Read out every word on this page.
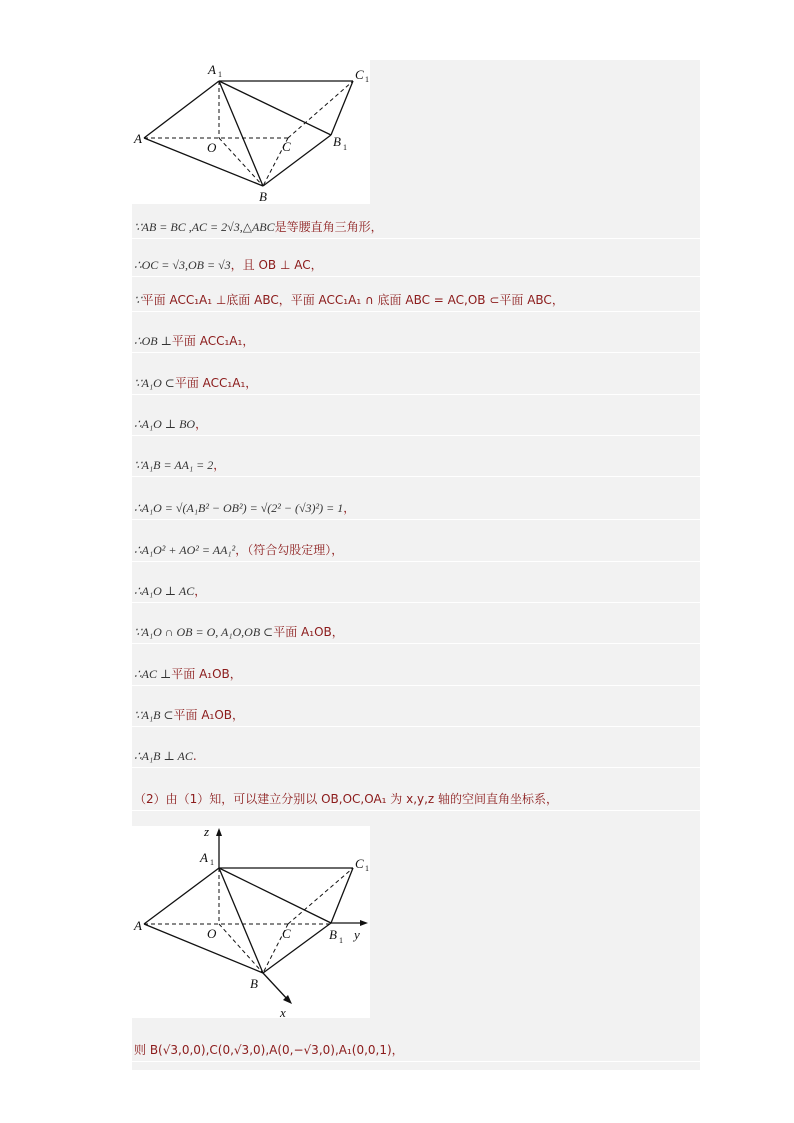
A 1	C 1
A
O	C	B 1
B
∵AB = BC ,AC = 2√3,△ABC是等腰直角三角形，
∴OC = √3,OB = √3，且 OB ⊥ AC，
∵平面 ACC₁A₁ ⊥底面 ABC，平面 ACC₁A₁ ∩ 底面 ABC = AC,OB ⊂平面 ABC，
∴OB ⊥平面 ACC₁A₁，
∵A₁O ⊂平面 ACC₁A₁，
∴A₁O ⊥ BO，
∵A₁B = AA₁ = 2，
∴A₁O = √(A₁B² − OB²) = √(2² − (√3)²) = 1，
∴A₁O² + AO² = AA₁²，（符合勾股定理），
∴A₁O ⊥ AC，
∵A₁O ∩ OB = O, A₁O,OB ⊂平面 A₁OB，
∴AC ⊥平面 A₁OB，
∵A₁B ⊂平面 A₁OB，
∴A₁B ⊥ AC.
（2）由（1）知，可以建立分别以 OB,OC,OA₁ 为 x,y,z 轴的空间直角坐标系，
则 B(√3,0,0),C(0,√3,0),A(0,−√3,0),A₁(0,0,1)，
z
A 1	C 1
A
O	C	B 1 y
B
x
